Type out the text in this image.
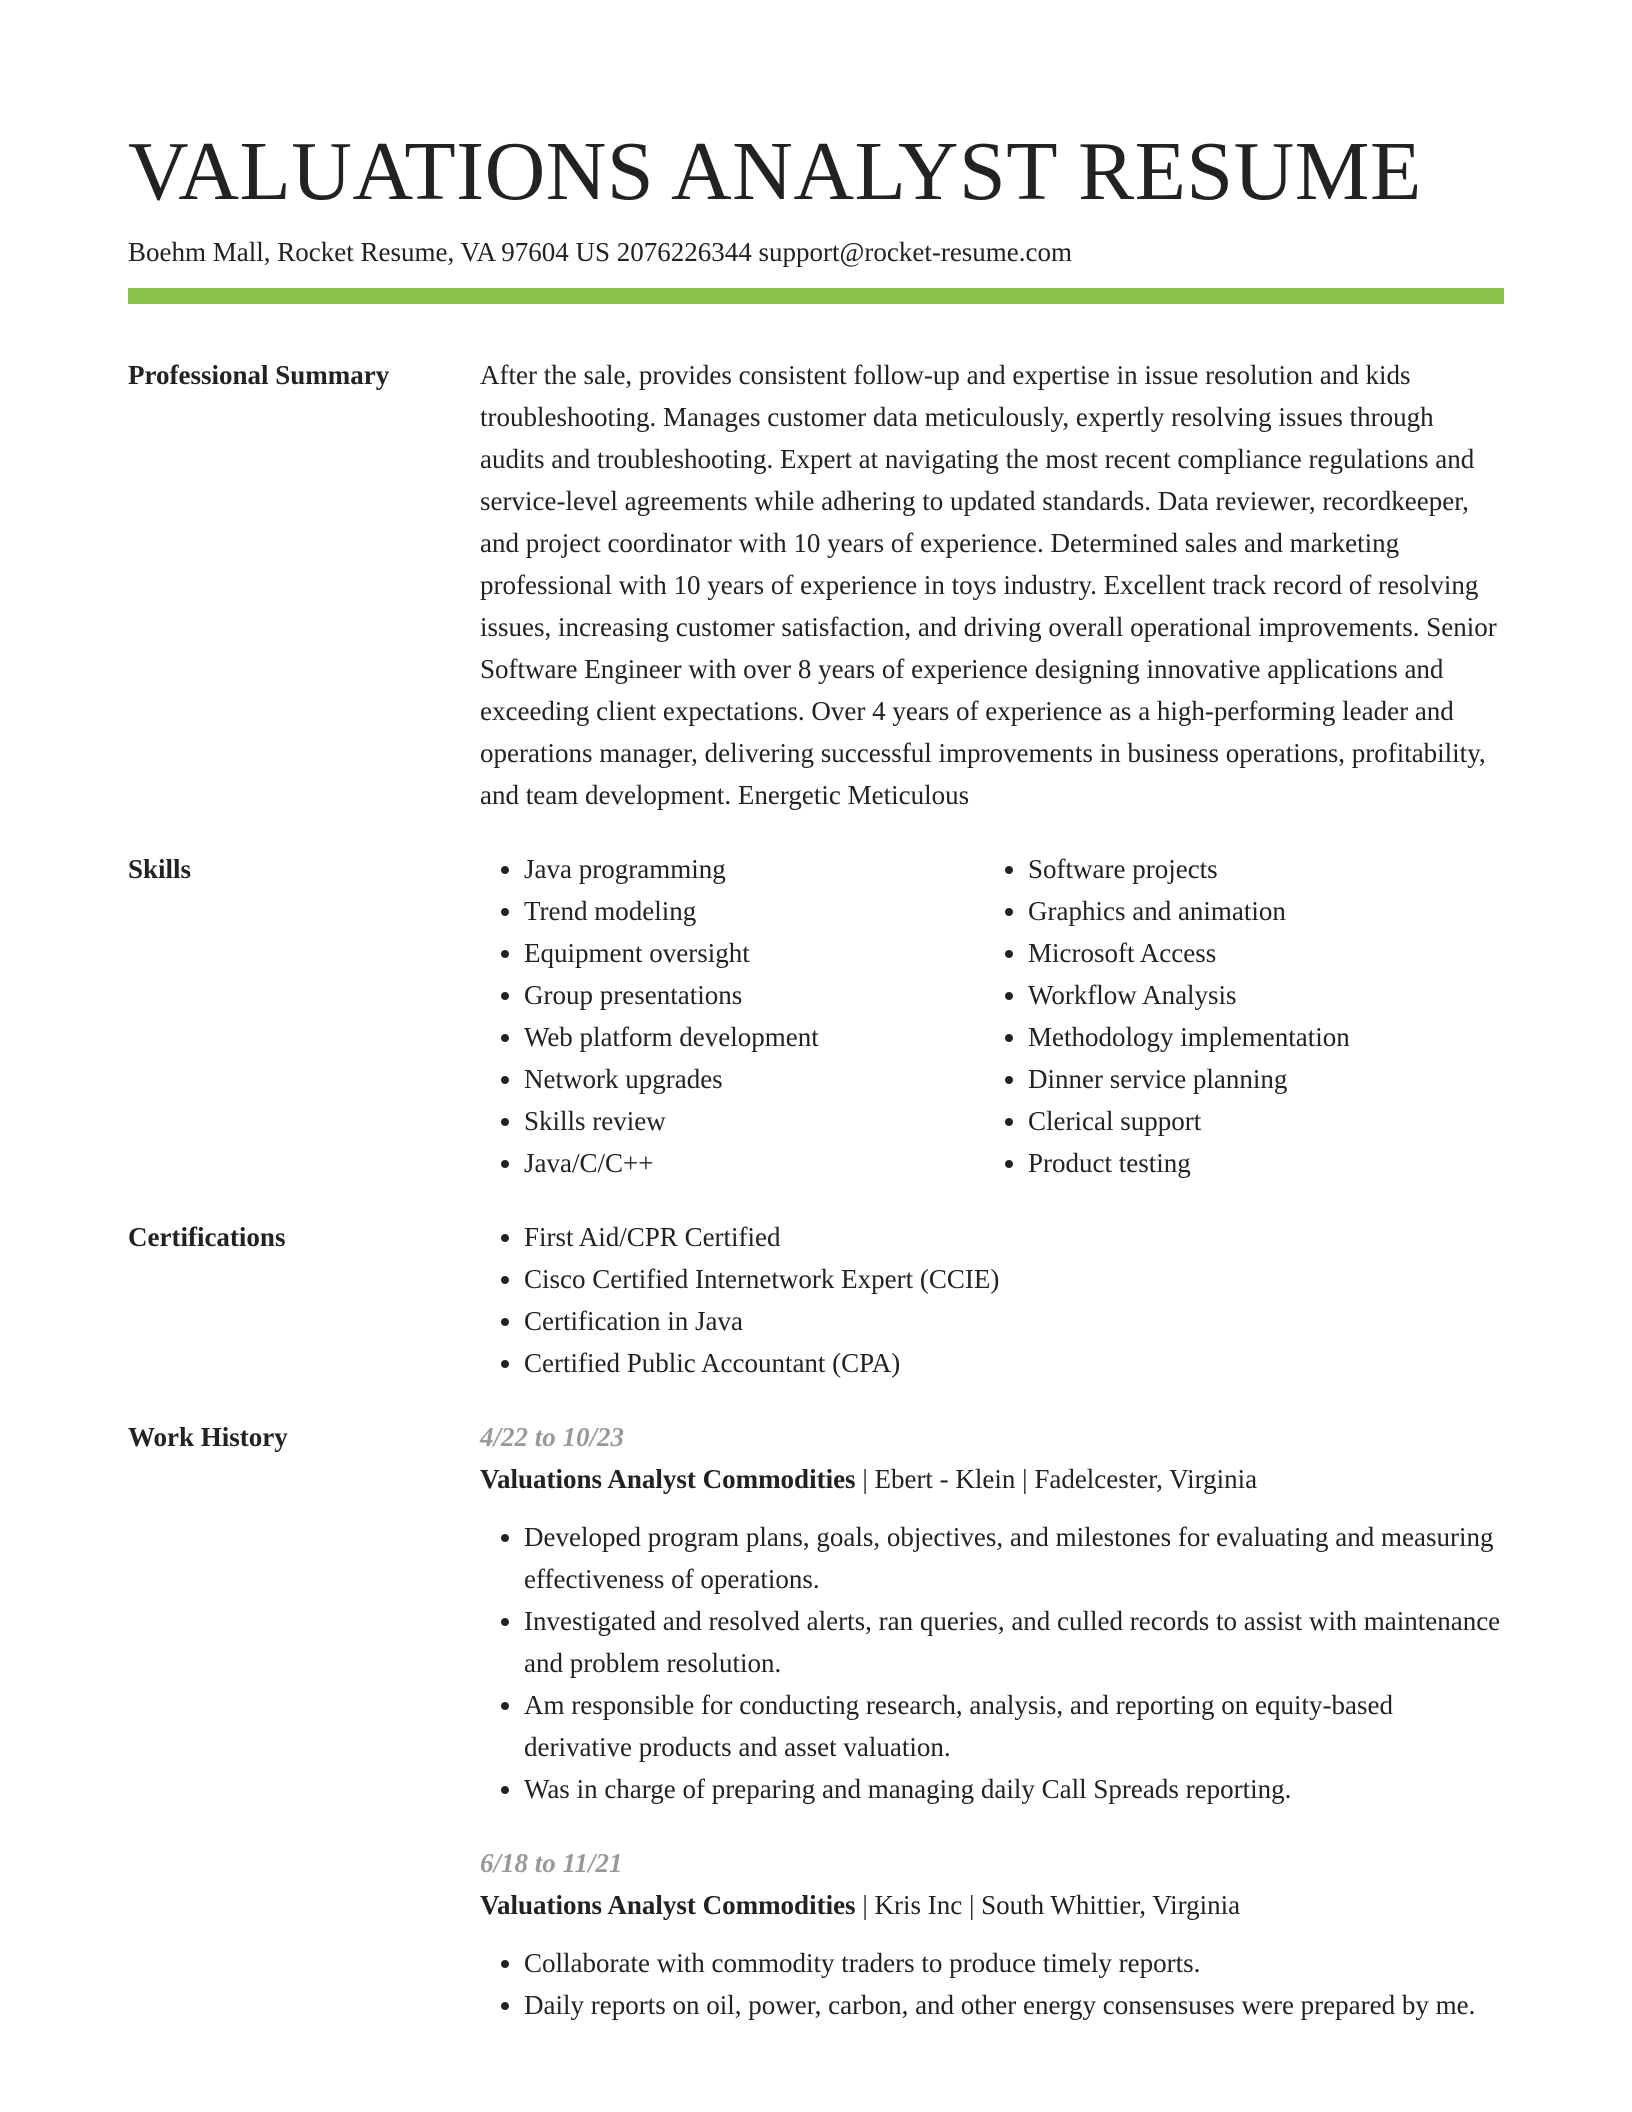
VALUATIONS ANALYST RESUME
Boehm Mall, Rocket Resume, VA 97604 US 2076226344 support@rocket-resume.com
Professional Summary	After the sale, provides consistent follow-up and expertise in issue resolution and kids troubleshooting. Manages customer data meticulously, expertly resolving issues through audits and troubleshooting. Expert at navigating the most recent compliance regulations and service-level agreements while adhering to updated standards. Data reviewer, recordkeeper, and project coordinator with 10 years of experience. Determined sales and marketing professional with 10 years of experience in toys industry. Excellent track record of resolving issues, increasing customer satisfaction, and driving overall operational improvements. Senior Software Engineer with over 8 years of experience designing innovative applications and exceeding client expectations. Over 4 years of experience as a high-performing leader and operations manager, delivering successful improvements in business operations, profitability, and team development. Energetic Meticulous

Skills	• Java programming
• Trend modeling
• Equipment oversight
• Group presentations
• Web platform development
• Network upgrades
• Skills review
• Java/C/C++
• Software projects
• Graphics and animation
• Microsoft Access
• Workflow Analysis
• Methodology implementation
• Dinner service planning
• Clerical support
• Product testing
Certifications	• First Aid/CPR Certified
• Cisco Certified Internetwork Expert (CCIE)
• Certification in Java
• Certified Public Accountant (CPA)
Work History	4/22 to 10/23
Valuations Analyst Commodities | Ebert - Klein | Fadelcester, Virginia
• Developed program plans, goals, objectives, and milestones for evaluating and measuring effectiveness of operations.
• Investigated and resolved alerts, ran queries, and culled records to assist with maintenance and problem resolution.
• Am responsible for conducting research, analysis, and reporting on equity-based derivative products and asset valuation.
• Was in charge of preparing and managing daily Call Spreads reporting.
6/18 to 11/21
Valuations Analyst Commodities | Kris Inc | South Whittier, Virginia
• Collaborate with commodity traders to produce timely reports.
• Daily reports on oil, power, carbon, and other energy consensuses were prepared by me.
